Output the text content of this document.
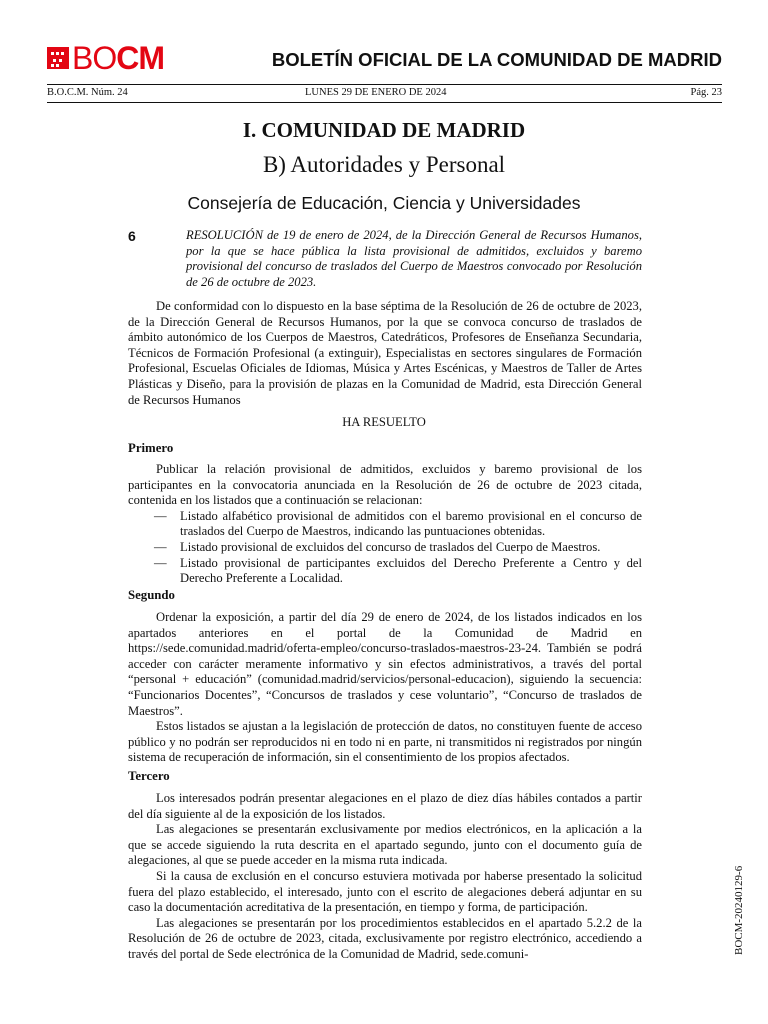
BOCM	BOLETÍN OFICIAL DE LA COMUNIDAD DE MADRID
B.O.C.M. Núm. 24	LUNES 29 DE ENERO DE 2024	Pág. 23
I. COMUNIDAD DE MADRID
B) Autoridades y Personal
Consejería de Educación, Ciencia y Universidades
6	RESOLUCIÓN de 19 de enero de 2024, de la Dirección General de Recursos Humanos, por la que se hace pública la lista provisional de admitidos, excluidos y baremo provisional del concurso de traslados del Cuerpo de Maestros convocado por Resolución de 26 de octubre de 2023.

De conformidad con lo dispuesto en la base séptima de la Resolución de 26 de octubre de 2023, de la Dirección General de Recursos Humanos, por la que se convoca concurso de traslados de ámbito autonómico de los Cuerpos de Maestros, Catedráticos, Profesores de Enseñanza Secundaria, Técnicos de Formación Profesional (a extinguir), Especialistas en sectores singulares de Formación Profesional, Escuelas Oficiales de Idiomas, Música y Artes Escénicas, y Maestros de Taller de Artes Plásticas y Diseño, para la provisión de plazas en la Comunidad de Madrid, esta Dirección General de Recursos Humanos

HA RESUELTO
Primero

Publicar la relación provisional de admitidos, excluidos y baremo provisional de los participantes en la convocatoria anunciada en la Resolución de 26 de octubre de 2023 citada, contenida en los listados que a continuación se relacionan:

— Listado alfabético provisional de admitidos con el baremo provisional en el concurso de traslados del Cuerpo de Maestros, indicando las puntuaciones obtenidas.

— Listado provisional de excluidos del concurso de traslados del Cuerpo de Maestros.

— Listado provisional de participantes excluidos del Derecho Preferente a Centro y del Derecho Preferente a Localidad.

Segundo

Ordenar la exposición, a partir del día 29 de enero de 2024, de los listados indicados en los apartados anteriores en el portal de la Comunidad de Madrid en https://sede.comunidad.madrid/oferta-empleo/concurso-traslados-maestros-23-24. También se podrá acceder con carácter meramente informativo y sin efectos administrativos, a través del portal “personal + educación” (comunidad.madrid/servicios/personal-educacion), siguiendo la secuencia: “Funcionarios Docentes”, “Concursos de traslados y cese voluntario”, “Concurso de traslados de Maestros”.

Estos listados se ajustan a la legislación de protección de datos, no constituyen fuente de acceso público y no podrán ser reproducidos ni en todo ni en parte, ni transmitidos ni registrados por ningún sistema de recuperación de información, sin el consentimiento de los propios afectados.

Tercero

Los interesados podrán presentar alegaciones en el plazo de diez días hábiles contados a partir del día siguiente al de la exposición de los listados.

Las alegaciones se presentarán exclusivamente por medios electrónicos, en la aplicación a la que se accede siguiendo la ruta descrita en el apartado segundo, junto con el documento guía de alegaciones, al que se puede acceder en la misma ruta indicada.

Si la causa de exclusión en el concurso estuviera motivada por haberse presentado la solicitud fuera del plazo establecido, el interesado, junto con el escrito de alegaciones deberá adjuntar en su caso la documentación acreditativa de la presentación, en tiempo y forma, de participación.

Las alegaciones se presentarán por los procedimientos establecidos en el apartado 5.2.2 de la Resolución de 26 de octubre de 2023, citada, exclusivamente por registro electrónico, accediendo a través del portal de Sede electrónica de la Comunidad de Madrid, sede.comuni-	BOCM-20240129-6
